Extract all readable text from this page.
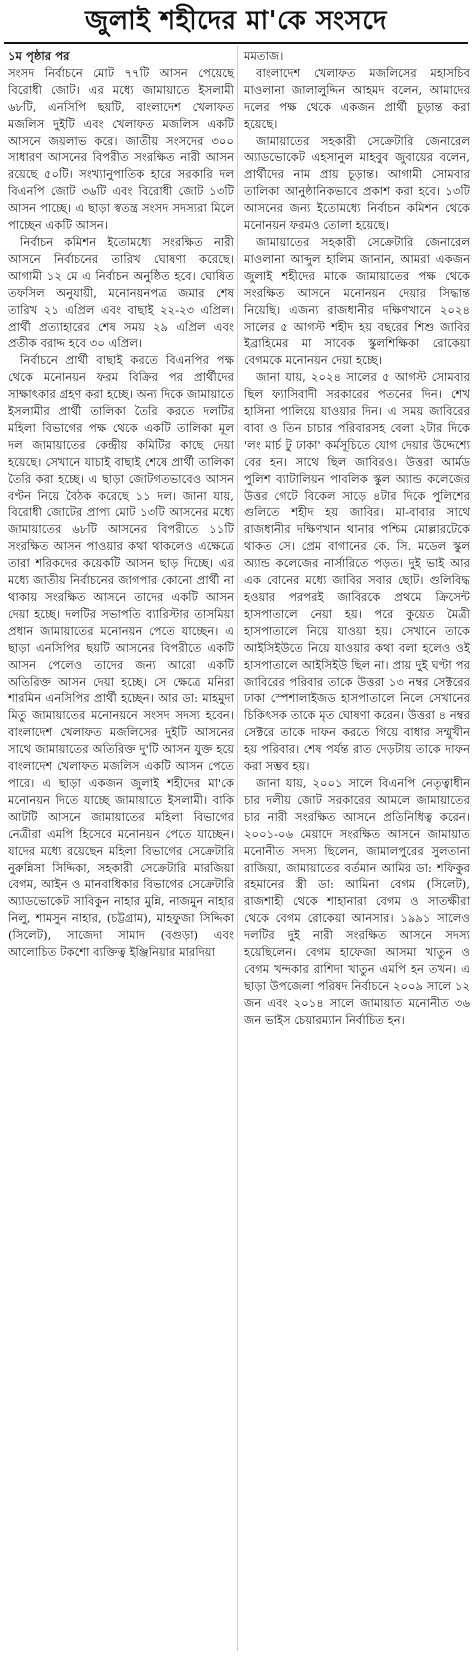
জুলাই শহীদের মা'কে সংসদে

১ম পৃষ্ঠার পর
সংসদ নির্বাচনে মোট ৭৭টি আসন পেয়েছে বিরোধী জোট। এর মধ্যে জামায়াতে ইসলামী ৬৮টি, এনসিপি ছয়টি, বাংলাদেশ খেলাফত মজলিস দুইটি এবং খেলাফত মজলিস একটি আসনে জয়লাভ করে। জাতীয় সংসদের ৩০০ সাধারণ আসনের বিপরীত সংরক্ষিত নারী আসন রয়েছে ৫০টি। সংখ্যানুপাতিক হারে সরকারি দল বিএনপি জোট ৩৬টি এবং বিরোধী জোট ১৩টি আসন পাচ্ছে। এ ছাড়া স্বতন্ত্র সংসদ সদস্যরা মিলে পাচ্ছেন একটি আসন।

নির্বাচন কমিশন ইতোমধ্যে সংরক্ষিত নারী আসনে নির্বাচনের তারিখ ঘোষণা করেছে। আগামী ১২ মে এ নির্বাচন অনুষ্ঠিত হবে। ঘোষিত তফসিল অনুযায়ী, মনোনয়নপত্র জমার শেষ তারিখ ২১ এপ্রিল এবং বাছাই ২২-২৩ এপ্রিল। প্রার্থী প্রত্যাহারের শেষ সময় ২৯ এপ্রিল এবং প্রতীক বরাদ্দ হবে ৩০ এপ্রিল।

নির্বাচনে প্রার্থী বাছাই করতে বিএনপির পক্ষ থেকে মনোনয়ন ফরম বিক্রির পর প্রার্থীদের সাক্ষাৎকার গ্রহণ করা হচ্ছে। অন্য দিকে জামায়াতে ইসলামীর প্রার্থী তালিকা তৈরি করতে দলটির মহিলা বিভাগের পক্ষ থেকে একটি তালিকা মূল দল জামায়াতের কেন্দ্রীয় কমিটির কাছে দেয়া হয়েছে। সেখানে যাচাই বাছাই শেষে প্রার্থী তালিকা তৈরি করা হচ্ছে। এ ছাড়া জোটগতভাবেও আসন বণ্টন নিয়ে বৈঠক করেছে ১১ দল। জানা যায়, বিরোধী জোটের প্রাপ্য মোট ১৩টি আসনের মধ্যে জামায়াতের ৬৮টি আসনের বিপরীতে ১১টি সংরক্ষিত আসন পাওয়ার কথা থাকলেও এক্ষেত্রে তারা শরিকদের কয়েকটি আসন ছাড় দিচ্ছে। এর মধ্যে জাতীয় নির্বাচনের জাগপার কোনো প্রার্থী না থাকায় সংরক্ষিত আসনে তাদের একটি আসন দেয়া হচ্ছে। দলটির সভাপতি ব্যারিস্টার তাসমিয়া প্রধান জামায়াতের মনোনয়ন পেতে যাচ্ছেন। এ ছাড়া এনসিপির ছয়টি আসনের বিপরীতে একটি আসন পেলেও তাদের জন্য আরো একটি অতিরিক্ত আসন দেয়া হচ্ছে। সে ক্ষেত্রে মনিরা শারমিন এনসিপির প্রার্থী হচ্ছেন। আর ডা: মাহমুদা মিতু জামায়াতের মনোনয়নে সংসদ সদস্য হবেন। বাংলাদেশ খেলাফত মজলিসের দুইটি আসনের সাথে জামায়াতের অতিরিক্ত দু'টি আসন যুক্ত হয়ে বাংলাদেশ খেলাফত মজলিস একটি আসন পেতে পারে। এ ছাড়া একজন জুলাই শহীদের মা'কে মনোনয়ন দিতে যাচ্ছে জামায়াতে ইসলামী। বাকি আটটি আসনে জামায়াতের মহিলা বিভাগের নেত্রীরা এমপি হিসেবে মনোনয়ন পেতে যাচ্ছেন। যাদের মধ্যে রয়েছেন মহিলা বিভাগের সেক্রেটারি নুরুন্নিসা সিদ্দিকা, সহকারী সেক্রেটারি মারজিয়া বেগম, আইন ও মানবাধিকার বিভাগের সেক্রেটারি অ্যাডভোকেট সাবিকুন নাহার মুন্নি, নাজমুন নাহার নিলু, শামসুন নাহার, (চট্টগ্রাম), মাহফুজা সিদ্দিকা (সিলেট), সাজেদা সামাদ (বগুড়া) এবং আলোচিত টকশো ব্যক্তিত্ব ইঞ্জিনিয়ার মারদিয়া

মমতাজ।

বাংলাদেশ খেলাফত মজলিসের মহাসচিব মাওলানা জালালুদ্দিন আহমদ বলেন, আমাদের দলের পক্ষ থেকে একজন প্রার্থী চূড়ান্ত করা হয়েছে।

জামায়াতের সহকারী সেক্রেটারি জেনারেল অ্যাডভোকেট এহসানুল মাহবুব জুবায়ের বলেন, প্রার্থীদের নাম প্রায় চূড়ান্ত। আগামী সোমবার তালিকা আনুষ্ঠানিকভাবে প্রকাশ করা হবে। ১৩টি আসনের জন্য ইতোমধ্যে নির্বাচন কমিশন থেকে মনোনয়ন ফরমও তোলা হয়েছে।

জামায়াতের সহকারী সেক্রেটারি জেনারেল মাওলানা আব্দুল হালিম জানান, আমরা একজন জুলাই শহীদের মাকে জামায়াতের পক্ষ থেকে সংরক্ষিত আসনে মনোনয়ন দেয়ার সিদ্ধান্ত নিয়েছি। এজন্য রাজধানীর দক্ষিণখানে ২০২৪ সালের ৫ আগস্ট শহীদ হয় বছরের শিশু জাবির ইব্রাহিমের মা সাবেক স্কুলশিক্ষিকা রোকেয়া বেগমকে মনোনয়ন দেয়া হচ্ছে।

জানা যায়, ২০২৪ সালের ৫ আগস্ট সোমবার ছিল ফ্যাসিবাদী সরকারের পতনের দিন। শেখ হাসিনা পালিয়ে যাওয়ার দিন। এ সময় জাবিরের বাবা ও তিন চাচার পরিবারসহ বেলা ২টার দিকে 'লং মার্চ টু ঢাকা' কর্মসূচিতে যোগ দেয়ার উদ্দেশ্যে বের হন। সাথে ছিল জাবিরও। উত্তরা আর্মড পুলিশ ব্যাটালিয়ন পাবলিক স্কুল অ্যান্ড কলেজের উত্তর গেটে বিকেল সাড়ে ৪টার দিকে পুলিশের গুলিতে শহীদ হয় জাবির। মা-বাবার সাথে রাজধানীর দক্ষিণখান থানার পশ্চিম মোল্লারটেকে থাকত সে। প্রেম বাগানের কে. সি. মডেল স্কুল অ্যান্ড কলেজের নার্সারিতে পড়ত। দুই ভাই আর এক বোনের মধ্যে জাবির সবার ছোট। গুলিবিদ্ধ হওয়ার পরপরই জাবিরকে প্রথমে ক্রিসেন্ট হাসপাতালে নেয়া হয়। পরে কুয়েত মৈত্রী হাসপাতালে নিয়ে যাওয়া হয়। সেখানে তাকে আইসিইউতে নিয়ে যাওয়ার কথা বলা হলেও ওই হাসপাতালে আইসিইউ ছিল না। প্রায় দুই ঘণ্টা পর জাবিরের পরিবার তাকে উত্তরা ১৩ নম্বর সেক্টরের ঢাকা স্পেশালাইজড হাসপাতালে নিলে সেখানের চিকিৎসক তাকে মৃত ঘোষণা করেন। উত্তরা ৪ নম্বর সেক্টরে তাকে দাফন করতে গিয়ে বাধার সম্মুখীন হয় পরিবার। শেষ পর্যন্ত রাত দেড়টায় তাকে দাফন করা সম্ভব হয়।

জানা যায়, ২০০১ সালে বিএনপি নেতৃত্বাধীন চার দলীয় জোট সরকারের আমলে জামায়াতের চার নারী সংরক্ষিত আসনে প্রতিনিধিত্ব করেন। ২০০১-০৬ মেয়াদে সংরক্ষিত আসনে জামায়াত মনোনীত সদস্য ছিলেন, জামালপুরের সুলতানা রাজিয়া, জামায়াতের বর্তমান আমির ডা: শফিকুর রহমানের স্ত্রী ডা: আমিনা বেগম (সিলেট), রাজশাহী থেকে শাহানারা বেগম ও সাতক্ষীরা থেকে বেগম রোকেয়া আনসার। ১৯৯১ সালেও দলটির দুই নারী সংরক্ষিত আসনে সদস্য হয়েছিলেন। বেগম হাফেজা আসমা খাতুন ও বেগম খন্দকার রাশিদা খাতুন এমপি হন তখন। এ ছাড়া উপজেলা পরিষদ নির্বাচনে ২০০৯ সালে ১২ জন এবং ২০১৪ সালে জামায়াত মনোনীত ৩৬ জন ভাইস চেয়ারম্যান নির্বাচিত হন।
